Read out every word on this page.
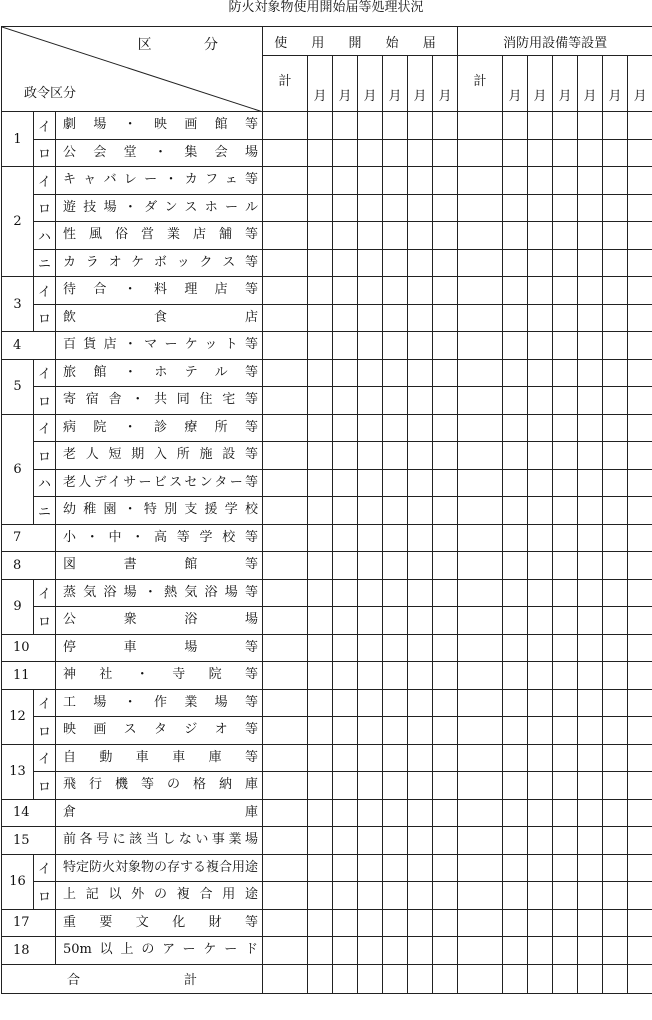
防火対象物使用開始届等処理状況
区 分
政令区分			使 用 開 始 届							消防用設備等設置						
			計	月	月	月	月	月	月	計	月	月	月	月	月	月
1	イ	劇場・映画館等														

	ロ	公会堂・集会場														

2	イ	キャバレー・カフェ等														

	ロ	遊技場・ダンスホール														

	ハ	性風俗営業店舗等														

	ニ	カラオケボックス等														

3	イ	待合・料理店等														

	ロ	飲食店														

4		百貨店・マーケット等														

5	イ	旅館・ホテル等														

	ロ	寄宿舎・共同住宅等														

6	イ	病院・診療所等														

	ロ	老人短期入所施設等														

	ハ	老人デイサービスセンター等														

	ニ	幼稚園・特別支援学校														

7		小・中・高等学校等														

8		図書館等														

9	イ	蒸気浴場・熱気浴場等														

	ロ	公衆浴場														

10		停車場等														

11		神社・寺院等														

12	イ	工場・作業場等														

	ロ	映画スタジオ等														

13	イ	自動車車庫等														

	ロ	飛行機等の格納庫														

14		倉庫														

15		前各号に該当しない事業場														

16	イ	特定防火対象物の存する複合用途														

	ロ	上記以外の複合用途														

17		重要文化財等														

18		50m以上のアーケード														

合 計																
